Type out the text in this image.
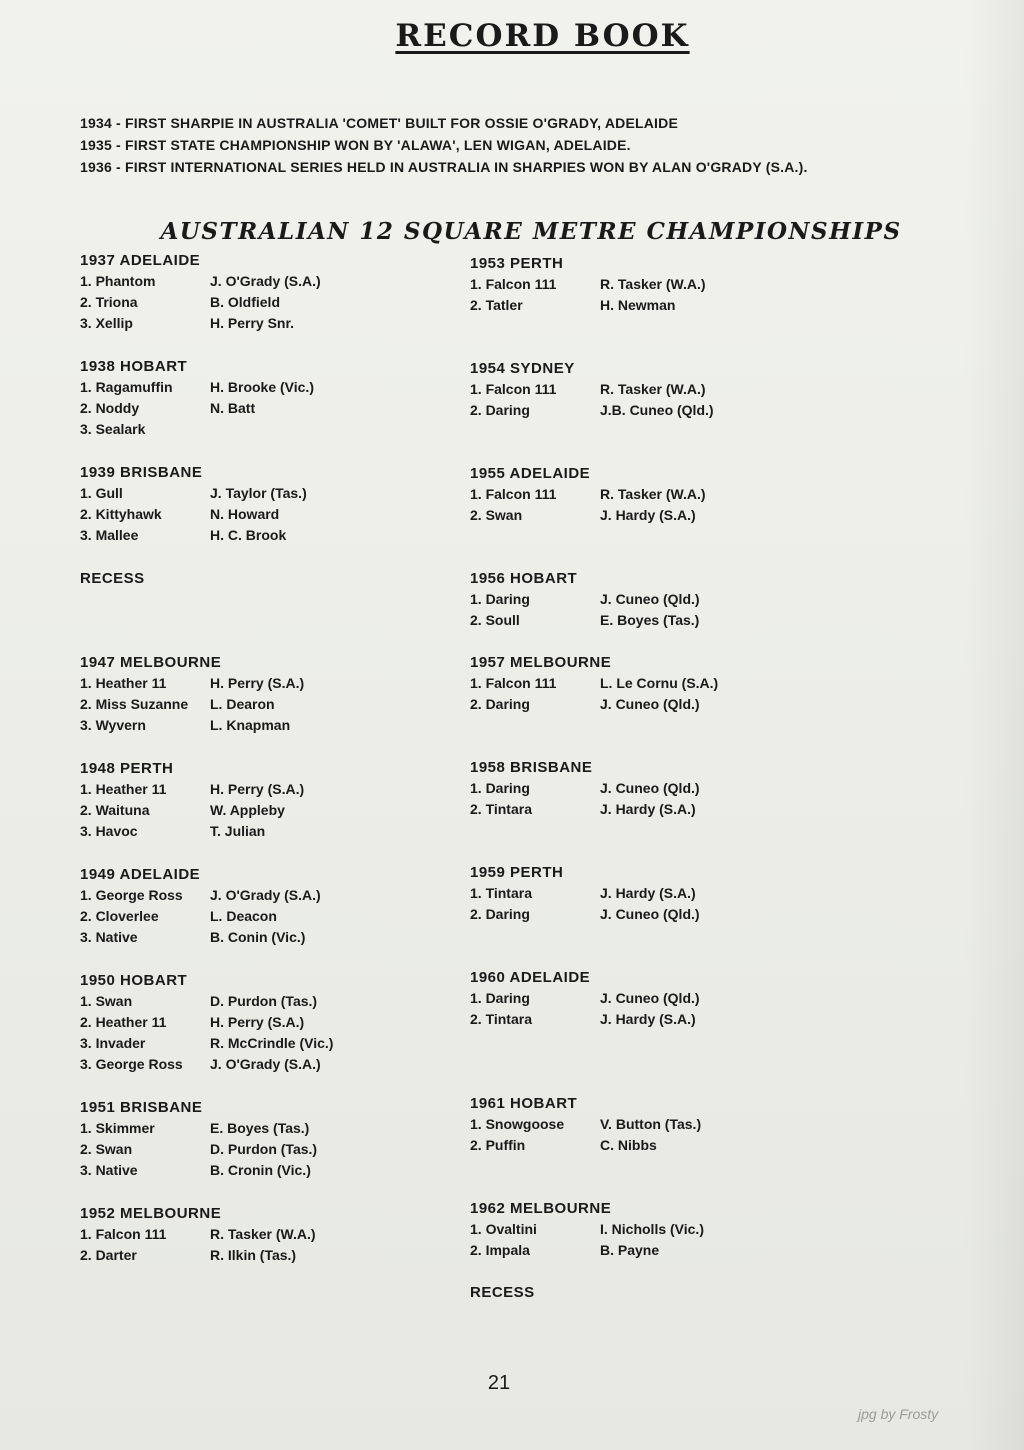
RECORD BOOK
1934 - FIRST SHARPIE IN AUSTRALIA 'COMET' BUILT FOR OSSIE O'GRADY, ADELAIDE
1935 - FIRST STATE CHAMPIONSHIP WON BY 'ALAWA', LEN WIGAN, ADELAIDE.
1936 - FIRST INTERNATIONAL SERIES HELD IN AUSTRALIA IN SHARPIES WON BY ALAN O'GRADY (S.A.).
AUSTRALIAN 12 SQUARE METRE CHAMPIONSHIPS
1937 ADELAIDE
1. Phantom	J. O'Grady (S.A.)
2. Triona	B. Oldfield
3. Xellip	H. Perry Snr.
1938 HOBART
1. Ragamuffin	H. Brooke (Vic.)
2. Noddy	N. Batt
3. Sealark
1939 BRISBANE
1. Gull	J. Taylor (Tas.)
2. Kittyhawk	N. Howard
3. Mallee	H. C. Brook
RECESS
1947 MELBOURNE
1. Heather 11	H. Perry (S.A.)
2. Miss Suzanne	L. Dearon
3. Wyvern	L. Knapman
1948 PERTH
1. Heather 11	H. Perry (S.A.)
2. Waituna	W. Appleby
3. Havoc	T. Julian
1949 ADELAIDE
1. George Ross	J. O'Grady (S.A.)
2. Cloverlee	L. Deacon
3. Native	B. Conin (Vic.)
1950 HOBART
1. Swan	D. Purdon (Tas.)
2. Heather 11	H. Perry (S.A.)
3. Invader	R. McCrindle (Vic.)
3. George Ross	J. O'Grady (S.A.)
1951 BRISBANE
1. Skimmer	E. Boyes (Tas.)
2. Swan	D. Purdon (Tas.)
3. Native	B. Cronin (Vic.)
1952 MELBOURNE
1. Falcon 111	R. Tasker (W.A.)
2. Darter	R. Ilkin (Tas.)
1953 PERTH
1. Falcon 111	R. Tasker (W.A.)
2. Tatler	H. Newman
1954 SYDNEY
1. Falcon 111	R. Tasker (W.A.)
2. Daring	J.B. Cuneo (Qld.)
1955 ADELAIDE
1. Falcon 111	R. Tasker (W.A.)
2. Swan	J. Hardy (S.A.)
1956 HOBART
1. Daring	J. Cuneo (Qld.)
2. Soull	E. Boyes (Tas.)
1957 MELBOURNE
1. Falcon 111	L. Le Cornu (S.A.)
2. Daring	J. Cuneo (Qld.)
1958 BRISBANE
1. Daring	J. Cuneo (Qld.)
2. Tintara	J. Hardy (S.A.)
1959 PERTH
1. Tintara	J. Hardy (S.A.)
2. Daring	J. Cuneo (Qld.)
1960 ADELAIDE
1. Daring	J. Cuneo (Qld.)
2. Tintara	J. Hardy (S.A.)
1961 HOBART
1. Snowgoose	V. Button (Tas.)
2. Puffin	C. Nibbs
1962 MELBOURNE
1. Ovaltini	I. Nicholls (Vic.)
2. Impala	B. Payne
RECESS
21
jpg by Frosty
